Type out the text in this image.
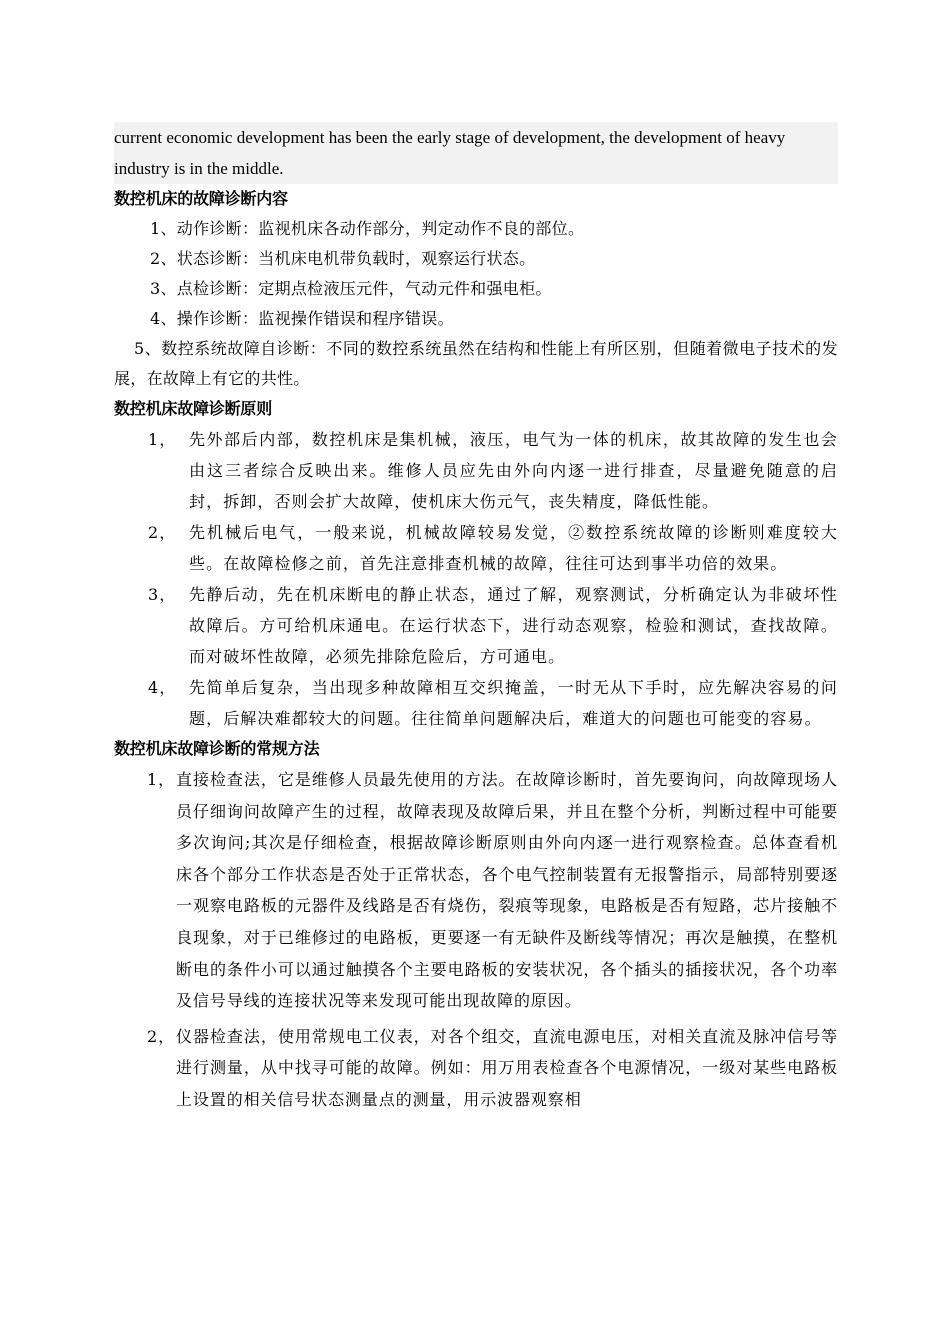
current economic development has been the early stage of development, the development of heavy industry is in the middle.

数控机床的故障诊断内容
1、动作诊断：监视机床各动作部分，判定动作不良的部位。
2、状态诊断：当机床电机带负载时，观察运行状态。
3、点检诊断：定期点检液压元件，气动元件和强电柜。
4、操作诊断：监视操作错误和程序错误。
5、数控系统故障自诊断：不同的数控系统虽然在结构和性能上有所区别，但随着微电子技术的发展，在故障上有它的共性。
数控机床故障诊断原则
1， 先外部后内部，数控机床是集机械，液压，电气为一体的机床，故其故障的发生也会由这三者综合反映出来。维修人员应先由外向内逐一进行排查，尽量避免随意的启封，拆卸，否则会扩大故障，使机床大伤元气，丧失精度，降低性能。
2， 先机械后电气，一般来说，机械故障较易发觉，②数控系统故障的诊断则难度较大些。在故障检修之前，首先注意排查机械的故障，往往可达到事半功倍的效果。
3， 先静后动，先在机床断电的静止状态，通过了解，观察测试，分析确定认为非破坏性故障后。方可给机床通电。在运行状态下，进行动态观察，检验和测试，查找故障。而对破坏性故障，必须先排除危险后，方可通电。
4， 先简单后复杂，当出现多种故障相互交织掩盖，一时无从下手时，应先解决容易的问题，后解决难都较大的问题。往往简单问题解决后，难道大的问题也可能变的容易。
数控机床故障诊断的常规方法
1， 直接检查法，它是维修人员最先使用的方法。在故障诊断时，首先要询问，向故障现场人员仔细询问故障产生的过程，故障表现及故障后果，并且在整个分析，判断过程中可能要多次询问;其次是仔细检查，根据故障诊断原则由外向内逐一进行观察检查。总体查看机床各个部分工作状态是否处于正常状态，各个电气控制装置有无报警指示，局部特别要逐一观察电路板的元器件及线路是否有烧伤，裂痕等现象，电路板是否有短路，芯片接触不良现象，对于已维修过的电路板，更要逐一有无缺件及断线等情况；再次是触摸，在整机断电的条件小可以通过触摸各个主要电路板的安装状况，各个插头的插接状况，各个功率及信号导线的连接状况等来发现可能出现故障的原因。
2， 仪器检查法，使用常规电工仪表，对各个组交，直流电源电压，对相关直流及脉冲信号等进行测量，从中找寻可能的故障。例如：用万用表检查各个电源情况，一级对某些电路板上设置的相关信号状态测量点的测量，用示波器观察相
